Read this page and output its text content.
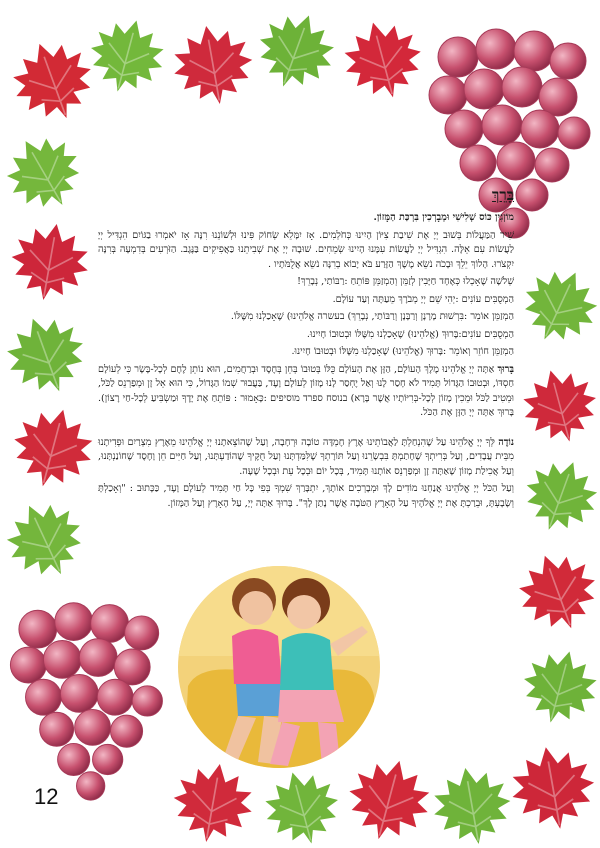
בָּרֵךְ
מוֹזְגִין כּוֹס שְׁלִישִׁי וּמְבָרְכִין בִּרְכַּת הַמָּזוֹן.
שִׁיר הַמַּעֲלוֹת בְּשׁוּב יְיָ אֶת שִׁיבַת צִיּוֹן הָיִינוּ כְּחֹלְמִים. אָז יִמָּלֵא שְׂחוֹק פִּינוּ וּלְשׁוֹנֵנוּ רִנָּה אָז יֹאמְרוּ בַגּוֹיִם הִגְדִּיל יְיָ לַעֲשׂוֹת עִם אֵלֶּה. הִגְדִּיל יְיָ לַעֲשׂוֹת עִמָּנוּ הָיִינוּ שְׂמֵחִים. שׁוּבָה יְיָ אֶת שְׁבִיתֵנוּ כַּאֲפִיקִים בַּנֶּגֶב. הַזֹּרְעִים בְּדִמְעָה בְּרִנָּה יִקְצֹרוּ. הָלוֹךְ יֵלֵךְ וּבָכֹה נֹשֵׂא מֶשֶׁךְ הַזָּרַע בֹּא יָבוֹא בְרִנָּה נֹשֵׂא אֲלֻמֹּתָיו .
שְׁלֹשָׁה שֶׁאָכְלוּ כְּאֶחָד חַיָּבִין לְזַמֵּן וְהַמְזַמֵּן פּוֹתֵחַ :רַבּוֹתַי, נְבָרֵךְ!
הַמְסֻבִּים עוֹנִים :יְהִי שֵׁם יְיָ מְבֹרָךְ מֵעַתָּה וְעַד עוֹלָם.
הַמְזַמֵּן אוֹמֵר :בִּרְשׁוּת מָרָנָן וְרַבָּנָן וְרַבּוֹתַי, נְבָרֵךְ) בעשרה אֱלֹהֵינוּ) שֶׁאָכַלְנוּ מִשֶּׁלּוֹ.
הַמְסֻבִּים עוֹנִים:בָּרוּךְ (אֱלֹהֵינוּ) שֶׁאָכַלְנוּ מִשֶּׁלּוֹ וּבְטוּבוֹ חָיִינוּ.
הַמְזַמֵּן חוֹזֵר וְאוֹמֵר :בָּרוּךְ (אֱלֹהֵינוּ) שֶׁאָכַלְנוּ מִשֶּׁלּוֹ וּבְטוּבוֹ חָיִינוּ.
בָּרוּךְ אַתָּה יְיָ אֱלֹהֵינוּ מֶלֶךְ הָעוֹלָם, הַזָּן אֶת הָעוֹלָם כֻּלּוֹ בְּטוּבוֹ בְּחֵן בְּחֶסֶד וּבְרַחֲמִים, הוּא נוֹתֵן לֶחֶם לְכָל-בָּשָׂר כִּי לְעוֹלָם חַסְדּוֹ, וּבְטוּבוֹ הַגָּדוֹל תָּמִיד לֹא חָסַר לָנוּ וְאַל יֶחְסַר לָנוּ מָזוֹן לְעוֹלָם וָעֶד, בַּעֲבוּר שְׁמוֹ הַגָּדוֹל, כִּי הוּא אֵל זָן וּמְפַרְנֵס לַכֹּל, וּמֵטִיב לַכֹּל וּמֵכִין מָזוֹן לְכָל-בְּרִיּוֹתָיו אֲשֶׁר בָּרָא) בנוסח ספרד מוסיפים :כָּאָמוּר : פּוֹתֵחַ אֶת יָדֶךָ וּמַשְׂבִּיעַ לְכָל-חַי רָצוֹן). בָּרוּךְ אַתָּה יְיָ הַזָּן אֶת הַכֹּל.
נוֹדֶה לְּךָ יְיָ אֱלֹהֵינוּ עַל שֶׁהִנְחַלְתָּ לַאֲבוֹתֵינוּ אֶרֶץ חֶמְדָּה טוֹבָה וּרְחָבָה, וְעַל שֶׁהוֹצֵאתָנוּ יְיָ אֱלֹהֵינוּ מֵאֶרֶץ מִצְרַיִם וּפְדִיתָנוּ מִבֵּית עֲבָדִים, וְעַל בְּרִיתְךָ שֶׁחָתַמְתָּ בִּבְשָׂרֵנוּ וְעַל תּוֹרָתְךָ שֶׁלִּמַּדְתָּנוּ וְעַל חֻקֶּיךָ שֶׁהוֹדַעְתָּנוּ, וְעַל חַיִּים חֵן וָחֶסֶד שֶׁחוֹנַנְתָּנוּ, וְעַל אֲכִילַת מָזוֹן שָׁאַתָּה זָן וּמְפַרְנֵס אוֹתָנוּ תָּמִיד, בְּכָל יוֹם וּבְכָל עֵת וּבְכָל שָׁעָה.
וְעַל הַכֹּל יְיָ אֱלֹהֵינוּ אֲנַחְנוּ מוֹדִים לָךְ וּמְבָרְכִים אוֹתָךְ, יִתְבָּרַךְ שִׁמְךָ בְּפִי כָּל חַי תָּמִיד לְעוֹלָם וָעֶד, כַּכָּתוּב : "וְאָכַלְתָּ וְשָׂבָעְתָּ, וּבֵרַכְתָּ אֶת יְיָ אֱלֹהֶיךָ עַל הָאָרֶץ הַטֹּבָה אֲשֶׁר נָתַן לָךְ". בָּרוּךְ אַתָּה יְיָ, עַל הָאָרֶץ וְעַל הַמָּזוֹן.
12
